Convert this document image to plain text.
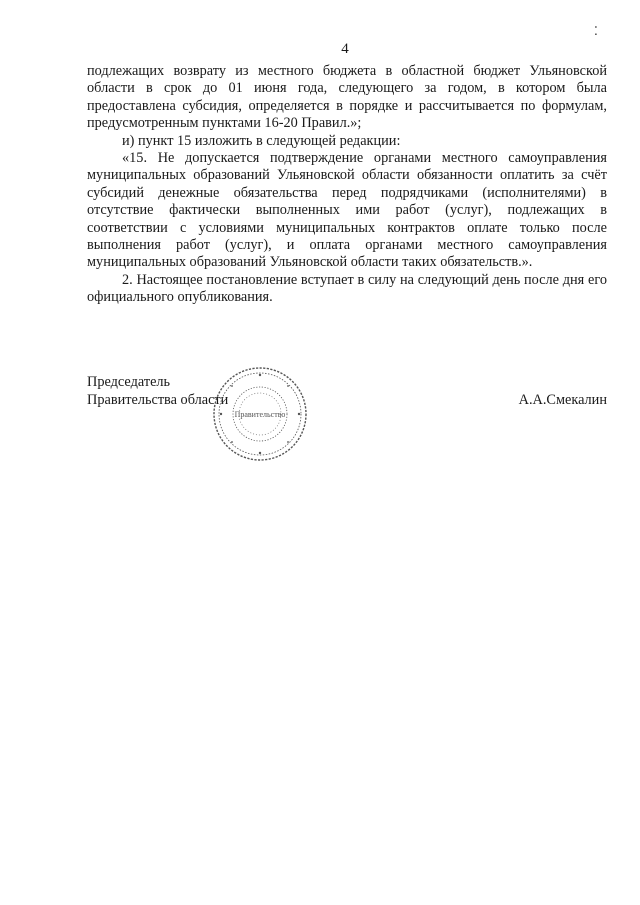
4
⁚

подлежащих возврату из местного бюджета в областной бюджет Ульяновской области в срок до 01 июня года, следующего за годом, в котором была предоставлена субсидия, определяется в порядке и рассчитывается по формулам, предусмотренным пунктами 16-20 Правил.»;

и) пункт 15 изложить в следующей редакции:

«15. Не допускается подтверждение органами местного самоуправления муниципальных образований Ульяновской области обязанности оплатить за счёт субсидий денежные обязательства перед подрядчиками (исполнителями) в отсутствие фактически выполненных ими работ (услуг), подлежащих в соответствии с условиями муниципальных контрактов оплате только после выполнения работ (услуг), и оплата органами местного самоуправления муниципальных образований Ульяновской области таких обязательств.».

2. Настоящее постановление вступает в силу на следующий день после дня его официального опубликования.

Председатель
Правительства области	А.А.Смекалин
Правительство
